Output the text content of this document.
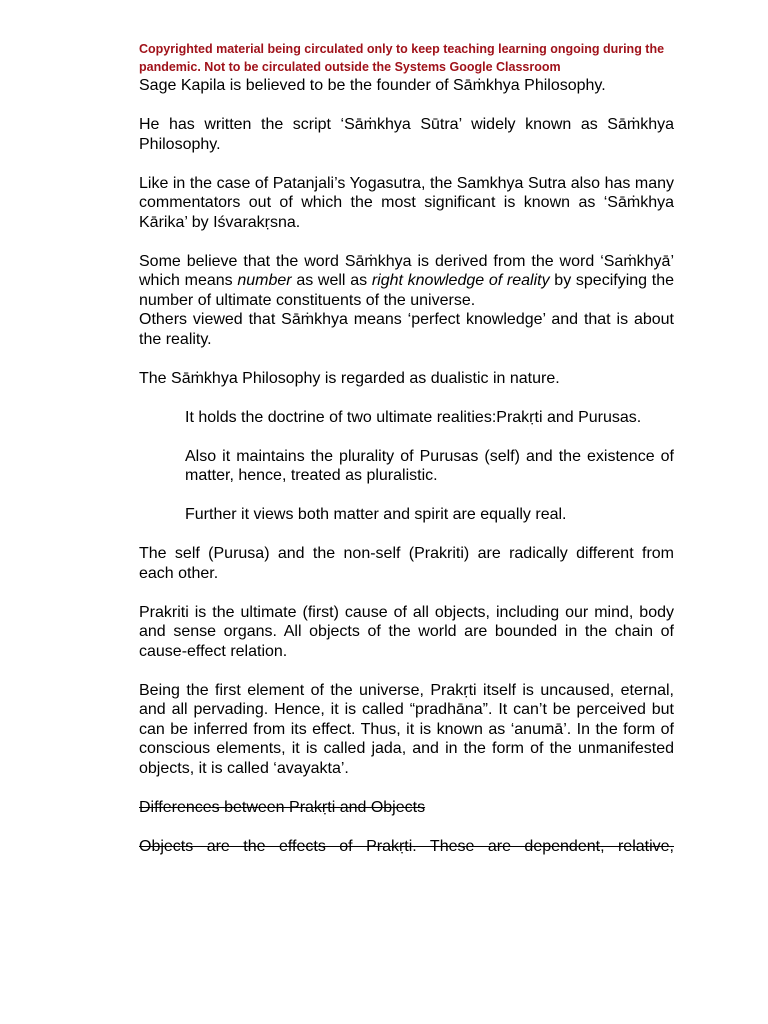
Copyrighted material being circulated only to keep teaching learning ongoing during the pandemic. Not to be circulated outside the Systems Google Classroom

Sage Kapila is believed to be the founder of Sāṁkhya Philosophy.

He has written the script ‘Sāṁkhya Sūtra’ widely known as Sāṁkhya Philosophy.

Like in the case of Patanjali’s Yogasutra, the Samkhya Sutra also has many commentators out of which the most significant is known as ‘Sāṁkhya Kārika’ by Iśvarakṛsna.

Some believe that the word Sāṁkhya is derived from the word ‘Saṁkhyā’ which means number as well as right knowledge of reality by specifying the number of ultimate constituents of the universe.

Others viewed that Sāṁkhya means ‘perfect knowledge’ and that is about the reality.

The Sāṁkhya Philosophy is regarded as dualistic in nature.

It holds the doctrine of two ultimate realities:Prakṛti and Purusas.

Also it maintains the plurality of Purusas (self) and the existence of matter, hence, treated as pluralistic.

Further it views both matter and spirit are equally real.

The self (Purusa) and the non-self (Prakriti) are radically different from each other.

Prakriti is the ultimate (first) cause of all objects, including our mind, body and sense organs. All objects of the world are bounded in the chain of cause-effect relation.

Being the first element of the universe, Prakṛti itself is uncaused, eternal, and all pervading. Hence, it is called “pradhāna”. It can’t be perceived but can be inferred from its effect. Thus, it is known as ‘anumā’. In the form of conscious elements, it is called jada, and in the form of the unmanifested objects, it is called ‘avayakta’.

Differences between Prakṛti and Objects

Objects are the effects of Prakṛti. These are dependent, relative,
